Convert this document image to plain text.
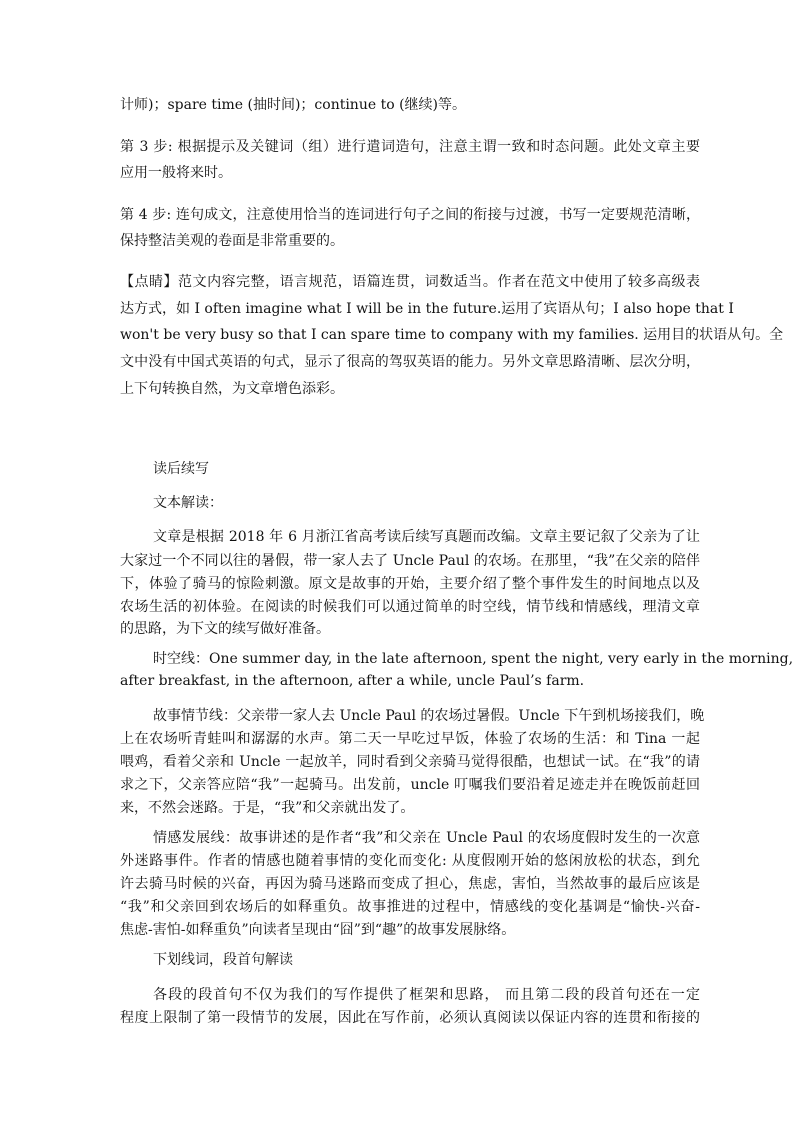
计师)；spare time (抽时间)；continue to (继续)等。
第 3 步: 根据提示及关键词（组）进行遣词造句，注意主谓一致和时态问题。此处文章主要
应用一般将来时。
第 4 步: 连句成文，注意使用恰当的连词进行句子之间的衔接与过渡，书写一定要规范清晰，
保持整洁美观的卷面是非常重要的。
【点睛】范文内容完整，语言规范，语篇连贯，词数适当。作者在范文中使用了较多高级表
达方式，如 I often imagine what I will be in the future.运用了宾语从句；I also hope that I
won't be very busy so that I can spare time to company with my families. 运用目的状语从句。全
文中没有中国式英语的句式，显示了很高的驾驭英语的能力。另外文章思路清晰、层次分明，
上下句转换自然，为文章增色添彩。
读后续写
文本解读：
文章是根据 2018 年 6 月浙江省高考读后续写真题而改编。文章主要记叙了父亲为了让
大家过一个不同以往的暑假，带一家人去了 Uncle Paul 的农场。在那里，“我”在父亲的陪伴
下，体验了骑马的惊险刺激。原文是故事的开始，主要介绍了整个事件发生的时间地点以及
农场生活的初体验。在阅读的时候我们可以通过简单的时空线，情节线和情感线，理清文章
的思路，为下文的续写做好准备。
时空线：One summer day, in the late afternoon, spent the night, very early in the morning,
after breakfast, in the afternoon, after a while, uncle Paul’s farm.
故事情节线：父亲带一家人去 Uncle Paul 的农场过暑假。Uncle 下午到机场接我们，晚
上在农场听青蛙叫和潺潺的水声。第二天一早吃过早饭，体验了农场的生活：和 Tina 一起
喂鸡，看着父亲和 Uncle 一起放羊，同时看到父亲骑马觉得很酷，也想试一试。在“我”的请
求之下，父亲答应陪“我”一起骑马。出发前，uncle 叮嘱我们要沿着足迹走并在晚饭前赶回
来，不然会迷路。于是，“我”和父亲就出发了。
情感发展线：故事讲述的是作者“我”和父亲在 Uncle Paul 的农场度假时发生的一次意
外迷路事件。作者的情感也随着事情的变化而变化: 从度假刚开始的悠闲放松的状态，到允
许去骑马时候的兴奋，再因为骑马迷路而变成了担心，焦虑，害怕，当然故事的最后应该是
“我”和父亲回到农场后的如释重负。故事推进的过程中，情感线的变化基调是“愉快-兴奋-
焦虑-害怕-如释重负”向读者呈现由“囧”到“趣”的故事发展脉络。
下划线词，段首句解读
各段的段首句不仅为我们的写作提供了框架和思路， 而且第二段的段首句还在一定
程度上限制了第一段情节的发展，因此在写作前，必须认真阅读以保证内容的连贯和衔接的
